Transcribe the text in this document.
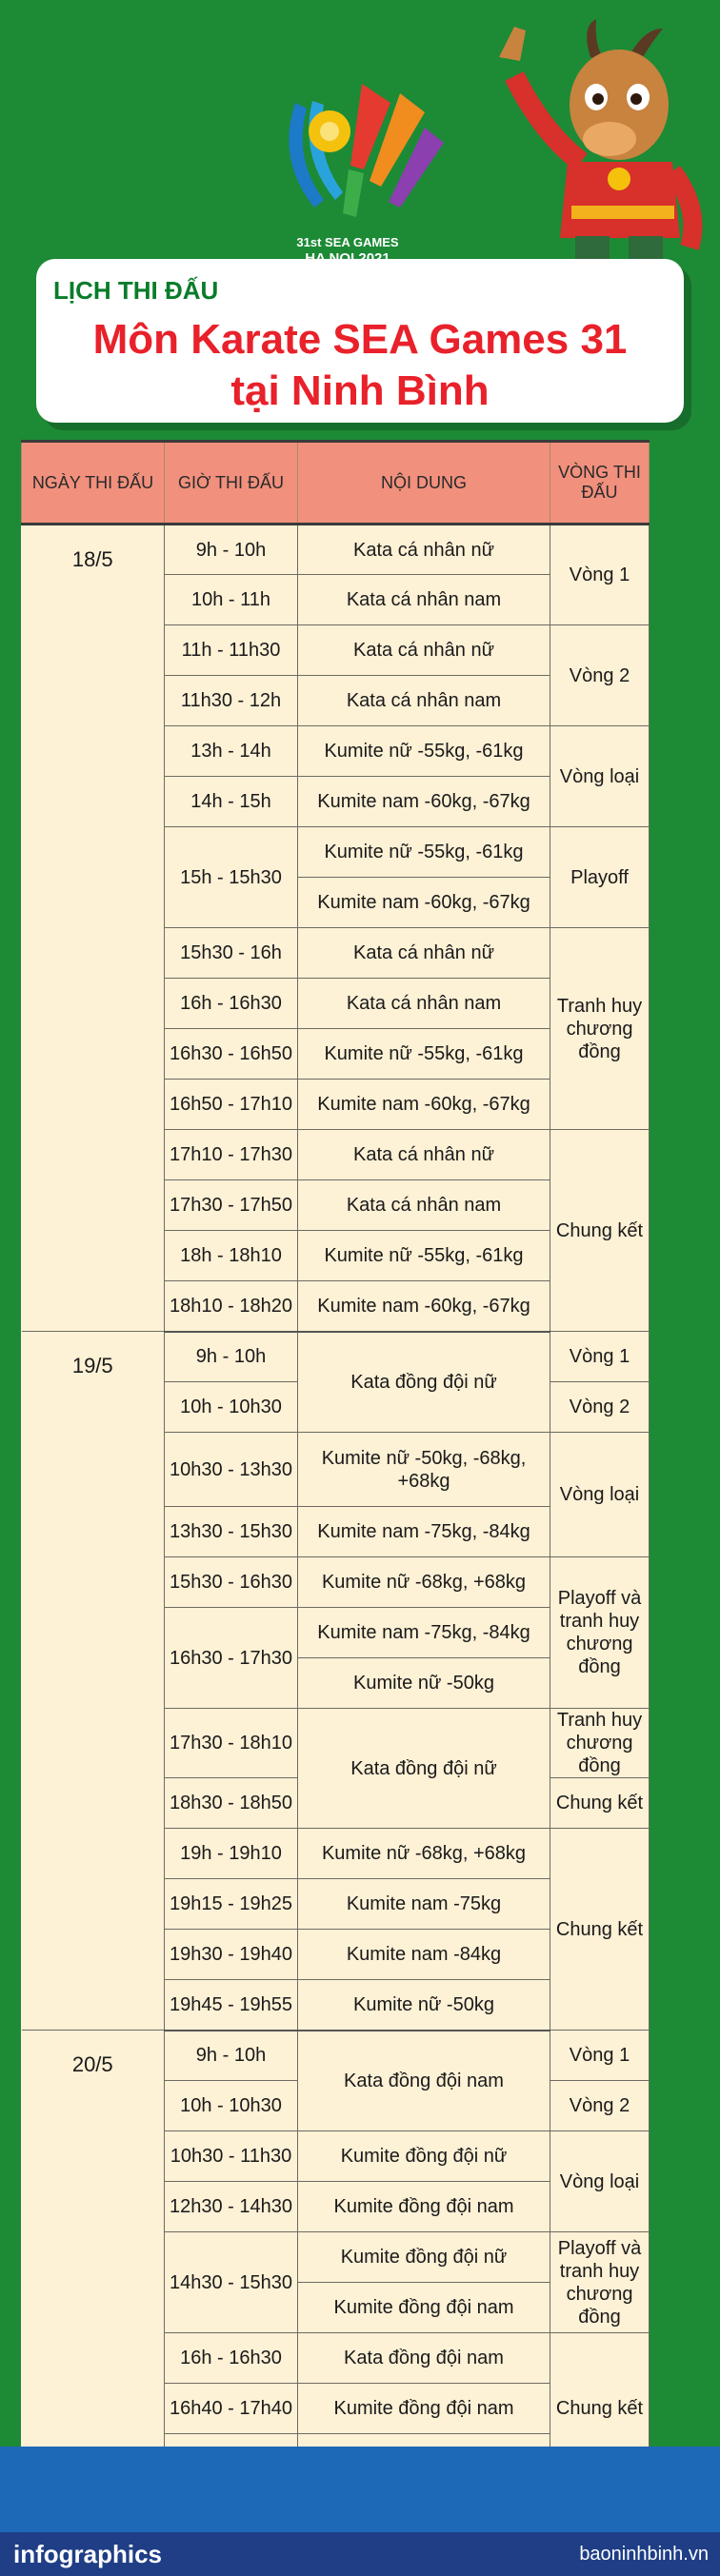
31st SEA GAMES
LỊCH THI ĐẤU
Môn Karate SEA Games 31
tại Ninh Bình
NGÀY THI ĐẤU	GIỜ THI ĐẤU	NỘI DUNG	VÒNG THI ĐẤU
18/5	9h - 10h	Kata cá nhân nữ	Vòng 1
	10h - 11h	Kata cá nhân nam	
	11h - 11h30	Kata cá nhân nữ	Vòng 2
	11h30 - 12h	Kata cá nhân nam	
	13h - 14h	Kumite nữ -55kg, -61kg	Vòng loại
	14h - 15h	Kumite nam -60kg, -67kg	
	15h - 15h30	Kumite nữ -55kg, -61kg	Playoff
		Kumite nam -60kg, -67kg	
	15h30 - 16h	Kata cá nhân nữ	Tranh huy chương đồng
	16h - 16h30	Kata cá nhân nam	
	16h30 - 16h50	Kumite nữ -55kg, -61kg	
	16h50 - 17h10	Kumite nam -60kg, -67kg	
	17h10 - 17h30	Kata cá nhân nữ	Chung kết
	17h30 - 17h50	Kata cá nhân nam	
	18h - 18h10	Kumite nữ -55kg, -61kg	
	18h10 - 18h20	Kumite nam -60kg, -67kg	
19/5	9h - 10h	Kata đồng đội nữ	Vòng 1
	10h - 10h30		Vòng 2
	10h30 - 13h30	Kumite nữ -50kg, -68kg, +68kg	Vòng loại
	13h30 - 15h30	Kumite nam -75kg, -84kg	
	15h30 - 16h30	Kumite nữ -68kg, +68kg	Playoff và tranh huy chương đồng
	16h30 - 17h30	Kumite nam -75kg, -84kg	
		Kumite nữ -50kg	
	17h30 - 18h10	Kata đồng đội nữ	Tranh huy chương đồng
	18h30 - 18h50		Chung kết
	19h - 19h10	Kumite nữ -68kg, +68kg	Chung kết
	19h15 - 19h25	Kumite nam -75kg	
	19h30 - 19h40	Kumite nam -84kg	
	19h45 - 19h55	Kumite nữ -50kg	
20/5	9h - 10h	Kata đồng đội nam	Vòng 1
	10h - 10h30		Vòng 2
	10h30 - 11h30	Kumite đồng đội nữ	Vòng loại
	12h30 - 14h30	Kumite đồng đội nam	
	14h30 - 15h30	Kumite đồng đội nữ	Playoff và tranh huy chương đồng
		Kumite đồng đội nam	
	16h - 16h30	Kata đồng đội nam	Chung kết
	16h40 - 17h40	Kumite đồng đội nam	

infographics	baoninhbinh.vn
